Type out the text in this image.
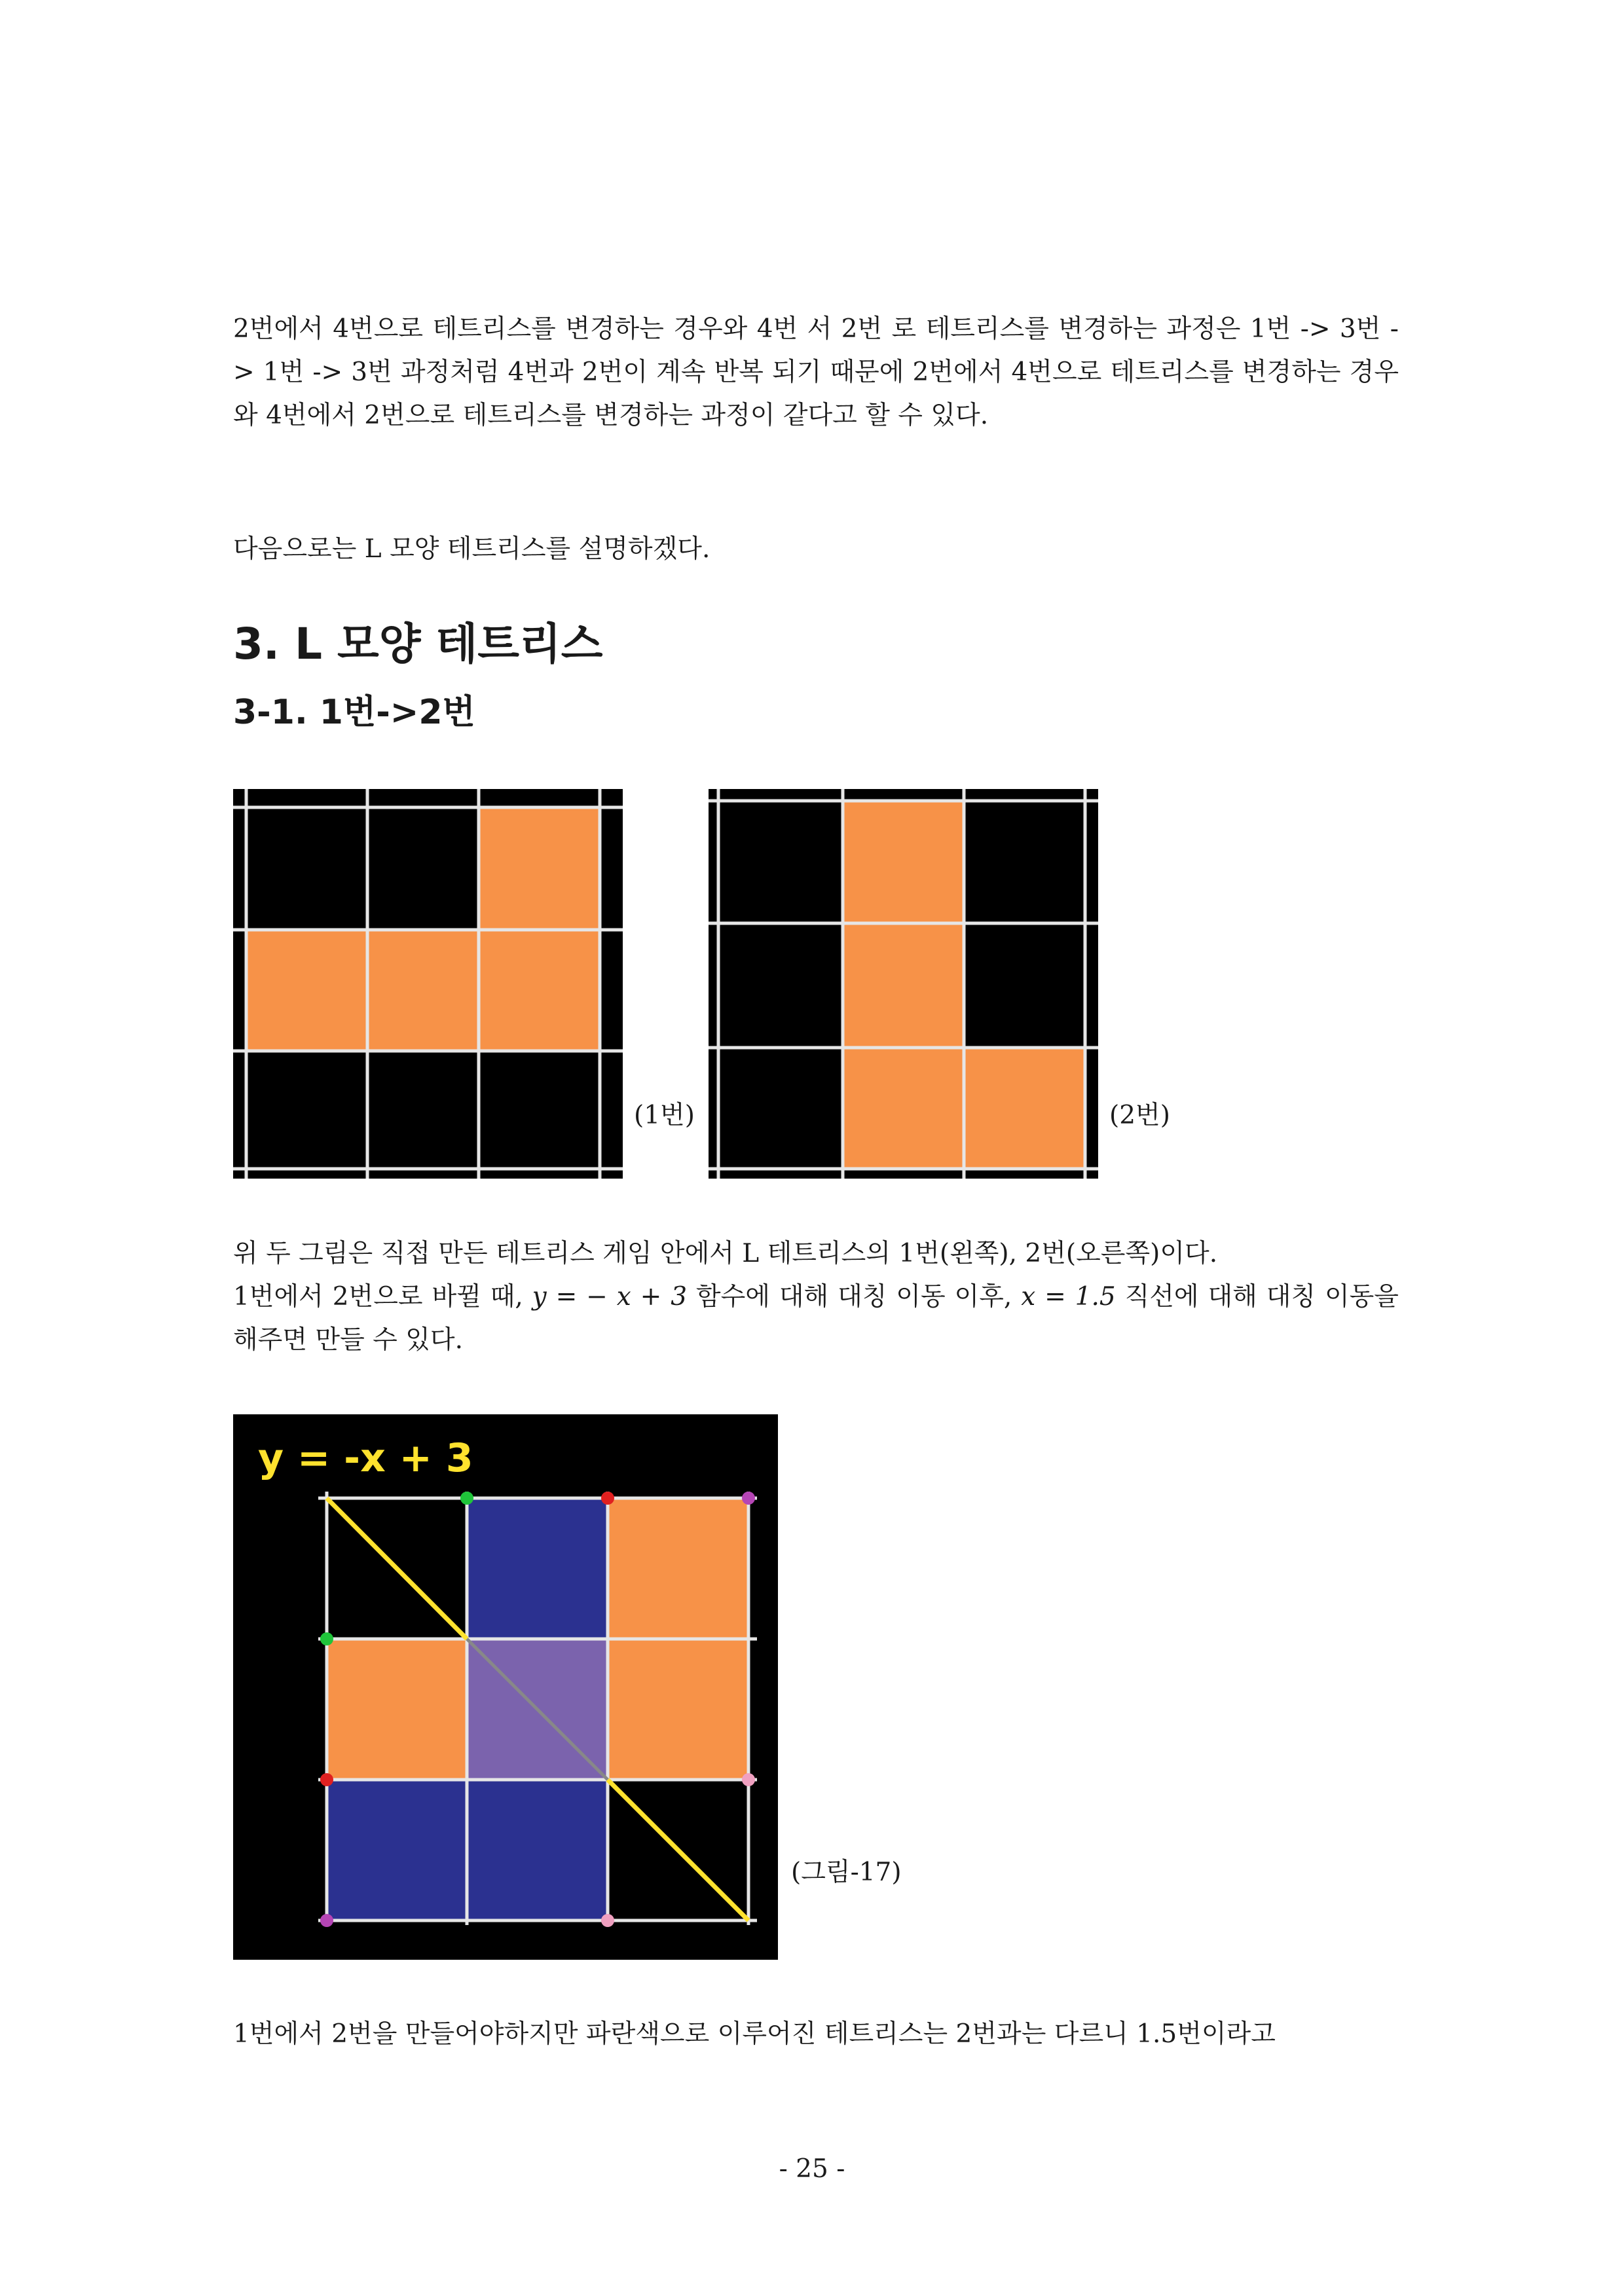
2번에서 4번으로 테트리스를 변경하는 경우와 4번 서 2번 로 테트리스를 변경하는 과정은 1번 -> 3번 -> 1번 -> 3번 과정처럼 4번과 2번이 계속 반복 되기 때문에 2번에서 4번으로 테트리스를 변경하는 경우와 4번에서 2번으로 테트리스를 변경하는 과정이 같다고 할 수 있다.

다음으로는 L 모양 테트리스를 설명하겠다.

3. L 모양 테트리스
3-1. 1번->2번
(1번)	(2번)

위 두 그림은 직접 만든 테트리스 게임 안에서 L 테트리스의 1번(왼쪽), 2번(오른쪽)이다.
1번에서 2번으로 바뀔 때, y = − x + 3 함수에 대해 대칭 이동 이후, x = 1.5 직선에 대해 대칭 이동을 해주면 만들 수 있다.

y = -x + 3
(그림-17)

1번에서 2번을 만들어야하지만 파란색으로 이루어진 테트리스는 2번과는 다르니 1.5번이라고

- 25 -
